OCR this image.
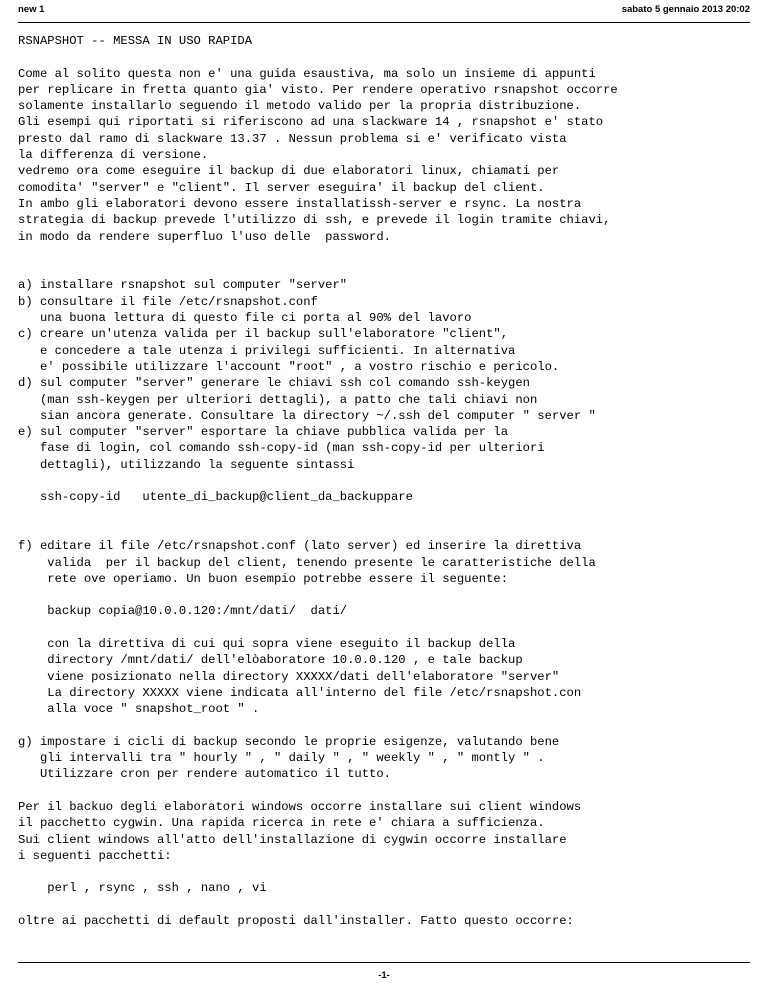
new 1	sabato 5 gennaio 2013 20:02
RSNAPSHOT -- MESSA IN USO RAPIDA

Come al solito questa non e' una guida esaustiva, ma solo un insieme di appunti
per replicare in fretta quanto gia' visto. Per rendere operativo rsnapshot occorre
solamente installarlo seguendo il metodo valido per la propria distribuzione.
Gli esempi qui riportati si riferiscono ad una slackware 14 , rsnapshot e' stato
presto dal ramo di slackware 13.37 . Nessun problema si e' verificato vista
la differenza di versione.
vedremo ora come eseguire il backup di due elaboratori linux, chiamati per
comodita' "server" e "client". Il server eseguira' il backup del client.
In ambo gli elaboratori devono essere installatissh-server e rsync. La nostra
strategia di backup prevede l'utilizzo di ssh, e prevede il login tramite chiavi,
in modo da rendere superfluo l'uso delle  password.

a) installare rsnapshot sul computer "server"
b) consultare il file /etc/rsnapshot.conf
una buona lettura di questo file ci porta al 90% del lavoro
c) creare un'utenza valida per il backup sull'elaboratore "client",
e concedere a tale utenza i privilegi sufficienti. In alternativa
e' possibile utilizzare l'account "root" , a vostro rischio e pericolo.
d) sul computer "server" generare le chiavi ssh col comando ssh-keygen
(man ssh-keygen per ulteriori dettagli), a patto che tali chiavi non
sian ancora generate. Consultare la directory ~/.ssh del computer " server "
e) sul computer "server" esportare la chiave pubblica valida per la
fase di login, col comando ssh-copy-id (man ssh-copy-id per ulteriori
dettagli), utilizzando la seguente sintassi

ssh-copy-id   utente_di_backup@client_da_backuppare

f) editare il file /etc/rsnapshot.conf (lato server) ed inserire la direttiva
valida  per il backup del client, tenendo presente le caratteristiche della
rete ove operiamo. Un buon esempio potrebbe essere il seguente:

backup copia@10.0.0.120:/mnt/dati/  dati/

con la direttiva di cui qui sopra viene eseguito il backup della
directory /mnt/dati/ dell'elòaboratore 10.0.0.120 , e tale backup
viene posizionato nella directory XXXXX/dati dell'elaboratore "server"
La directory XXXXX viene indicata all'interno del file /etc/rsnapshot.con
alla voce " snapshot_root " .

g) impostare i cicli di backup secondo le proprie esigenze, valutando bene
gli intervalli tra " hourly " , " daily " , " weekly " , " montly " .
Utilizzare cron per rendere automatico il tutto.

Per il backuo degli elaboratori windows occorre installare sui client windows
il pacchetto cygwin. Una rapida ricerca in rete e' chiara a sufficienza.
Sui client windows all'atto dell'installazione di cygwin occorre installare
i seguenti pacchetti:

perl , rsync , ssh , nano , vi

oltre ai pacchetti di default proposti dall'installer. Fatto questo occorre:
-1-
